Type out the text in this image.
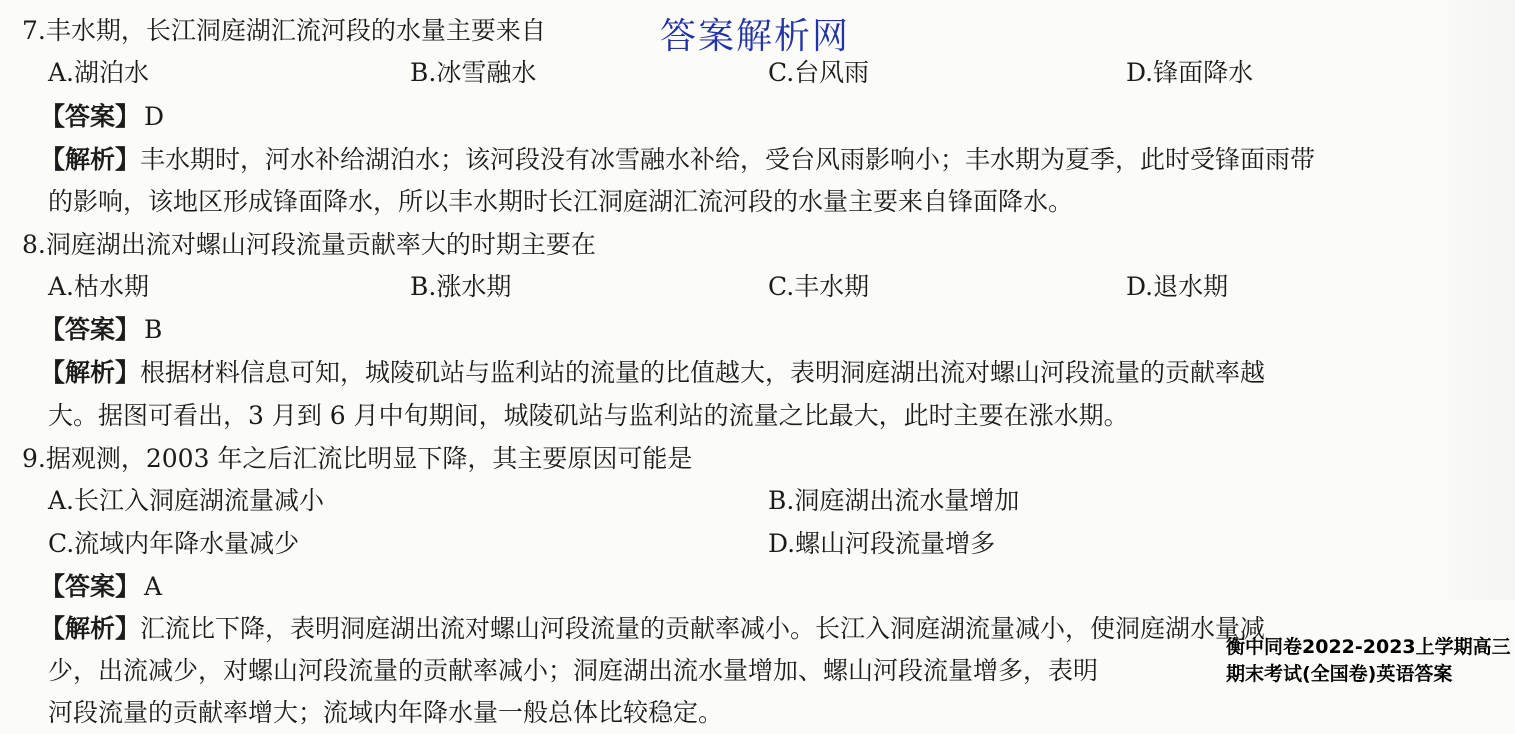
7.丰水期，长江洞庭湖汇流河段的水量主要来自	答案解析网
A.湖泊水	B.冰雪融水	C.台风雨	D.锋面降水
【答案】 D
【解析】丰水期时，河水补给湖泊水；该河段没有冰雪融水补给，受台风雨影响小；丰水期为夏季，此时受锋面雨带
的影响，该地区形成锋面降水，所以丰水期时长江洞庭湖汇流河段的水量主要来自锋面降水。
8.洞庭湖出流对螺山河段流量贡献率大的时期主要在
A.枯水期	B.涨水期	C.丰水期	D.退水期
【答案】 B
【解析】根据材料信息可知，城陵矶站与监利站的流量的比值越大，表明洞庭湖出流对螺山河段流量的贡献率越
大。据图可看出，3 月到 6 月中旬期间，城陵矶站与监利站的流量之比最大，此时主要在涨水期。
9.据观测，2003 年之后汇流比明显下降，其主要原因可能是
A.长江入洞庭湖流量减小	B.洞庭湖出流水量增加
C.流域内年降水量减少	D.螺山河段流量增多
【答案】 A
【解析】汇流比下降，表明洞庭湖出流对螺山河段流量的贡献率减小。长江入洞庭湖流量减小，使洞庭湖水量减
少，出流减少，对螺山河段流量的贡献率减小；洞庭湖出流水量增加、螺山河段流量增多，表明
河段流量的贡献率增大；流域内年降水量一般总体比较稳定。
衡中同卷2022-2023上学期高三期末考试(全国卷)英语答案
